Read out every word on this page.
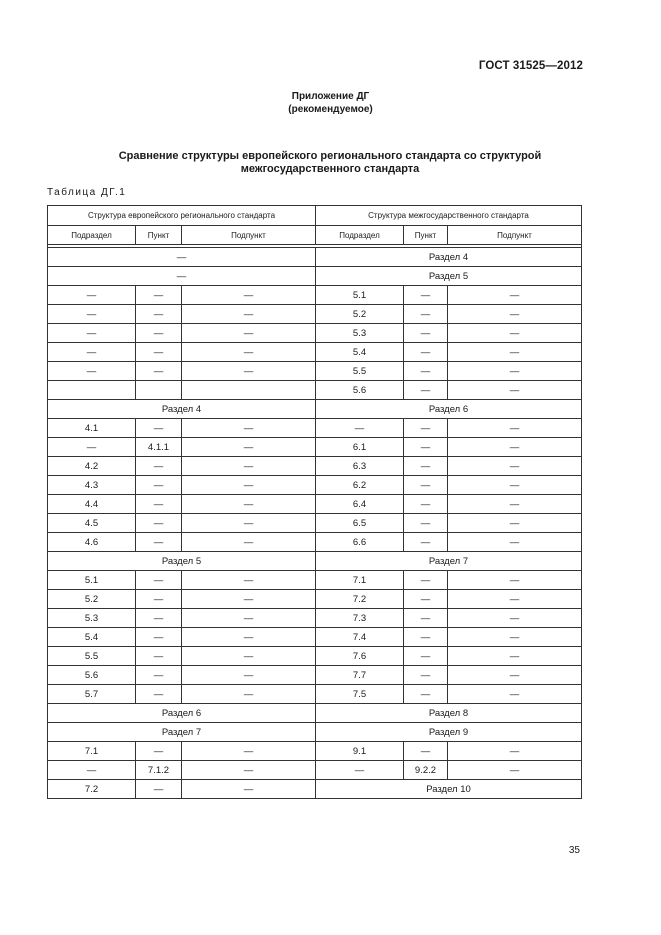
ГОСТ 31525—2012
Приложение ДГ
(рекомендуемое)
Сравнение структуры европейского регионального стандарта со структурой
межгосударственного стандарта
Таблица ДГ.1
Структура европейского регионального стандарта			Структура межгосударственного стандарта		
Подраздел	Пункт	Подпункт	Подраздел	Пункт	Подпункт

—			Раздел 4		
—			Раздел 5		
—	—	—	5.1	—	—
—	—	—	5.2	—	—
—	—	—	5.3	—	—
—	—	—	5.4	—	—
—	—	—	5.5	—	—
			5.6	—	—
Раздел 4			Раздел 6		
4.1	—	—	—	—	—
—	4.1.1	—	6.1	—	—
4.2	—	—	6.3	—	—
4.3	—	—	6.2	—	—
4.4	—	—	6.4	—	—
4.5	—	—	6.5	—	—
4.6	—	—	6.6	—	—
Раздел 5			Раздел 7		
5.1	—	—	7.1	—	—
5.2	—	—	7.2	—	—
5.3	—	—	7.3	—	—
5.4	—	—	7.4	—	—
5.5	—	—	7.6	—	—
5.6	—	—	7.7	—	—
5.7	—	—	7.5	—	—
Раздел 6			Раздел 8		
Раздел 7			Раздел 9		
7.1	—	—	9.1	—	—
—	7.1.2	—	—	9.2.2	—
7.2	—	—	Раздел 10		
35
